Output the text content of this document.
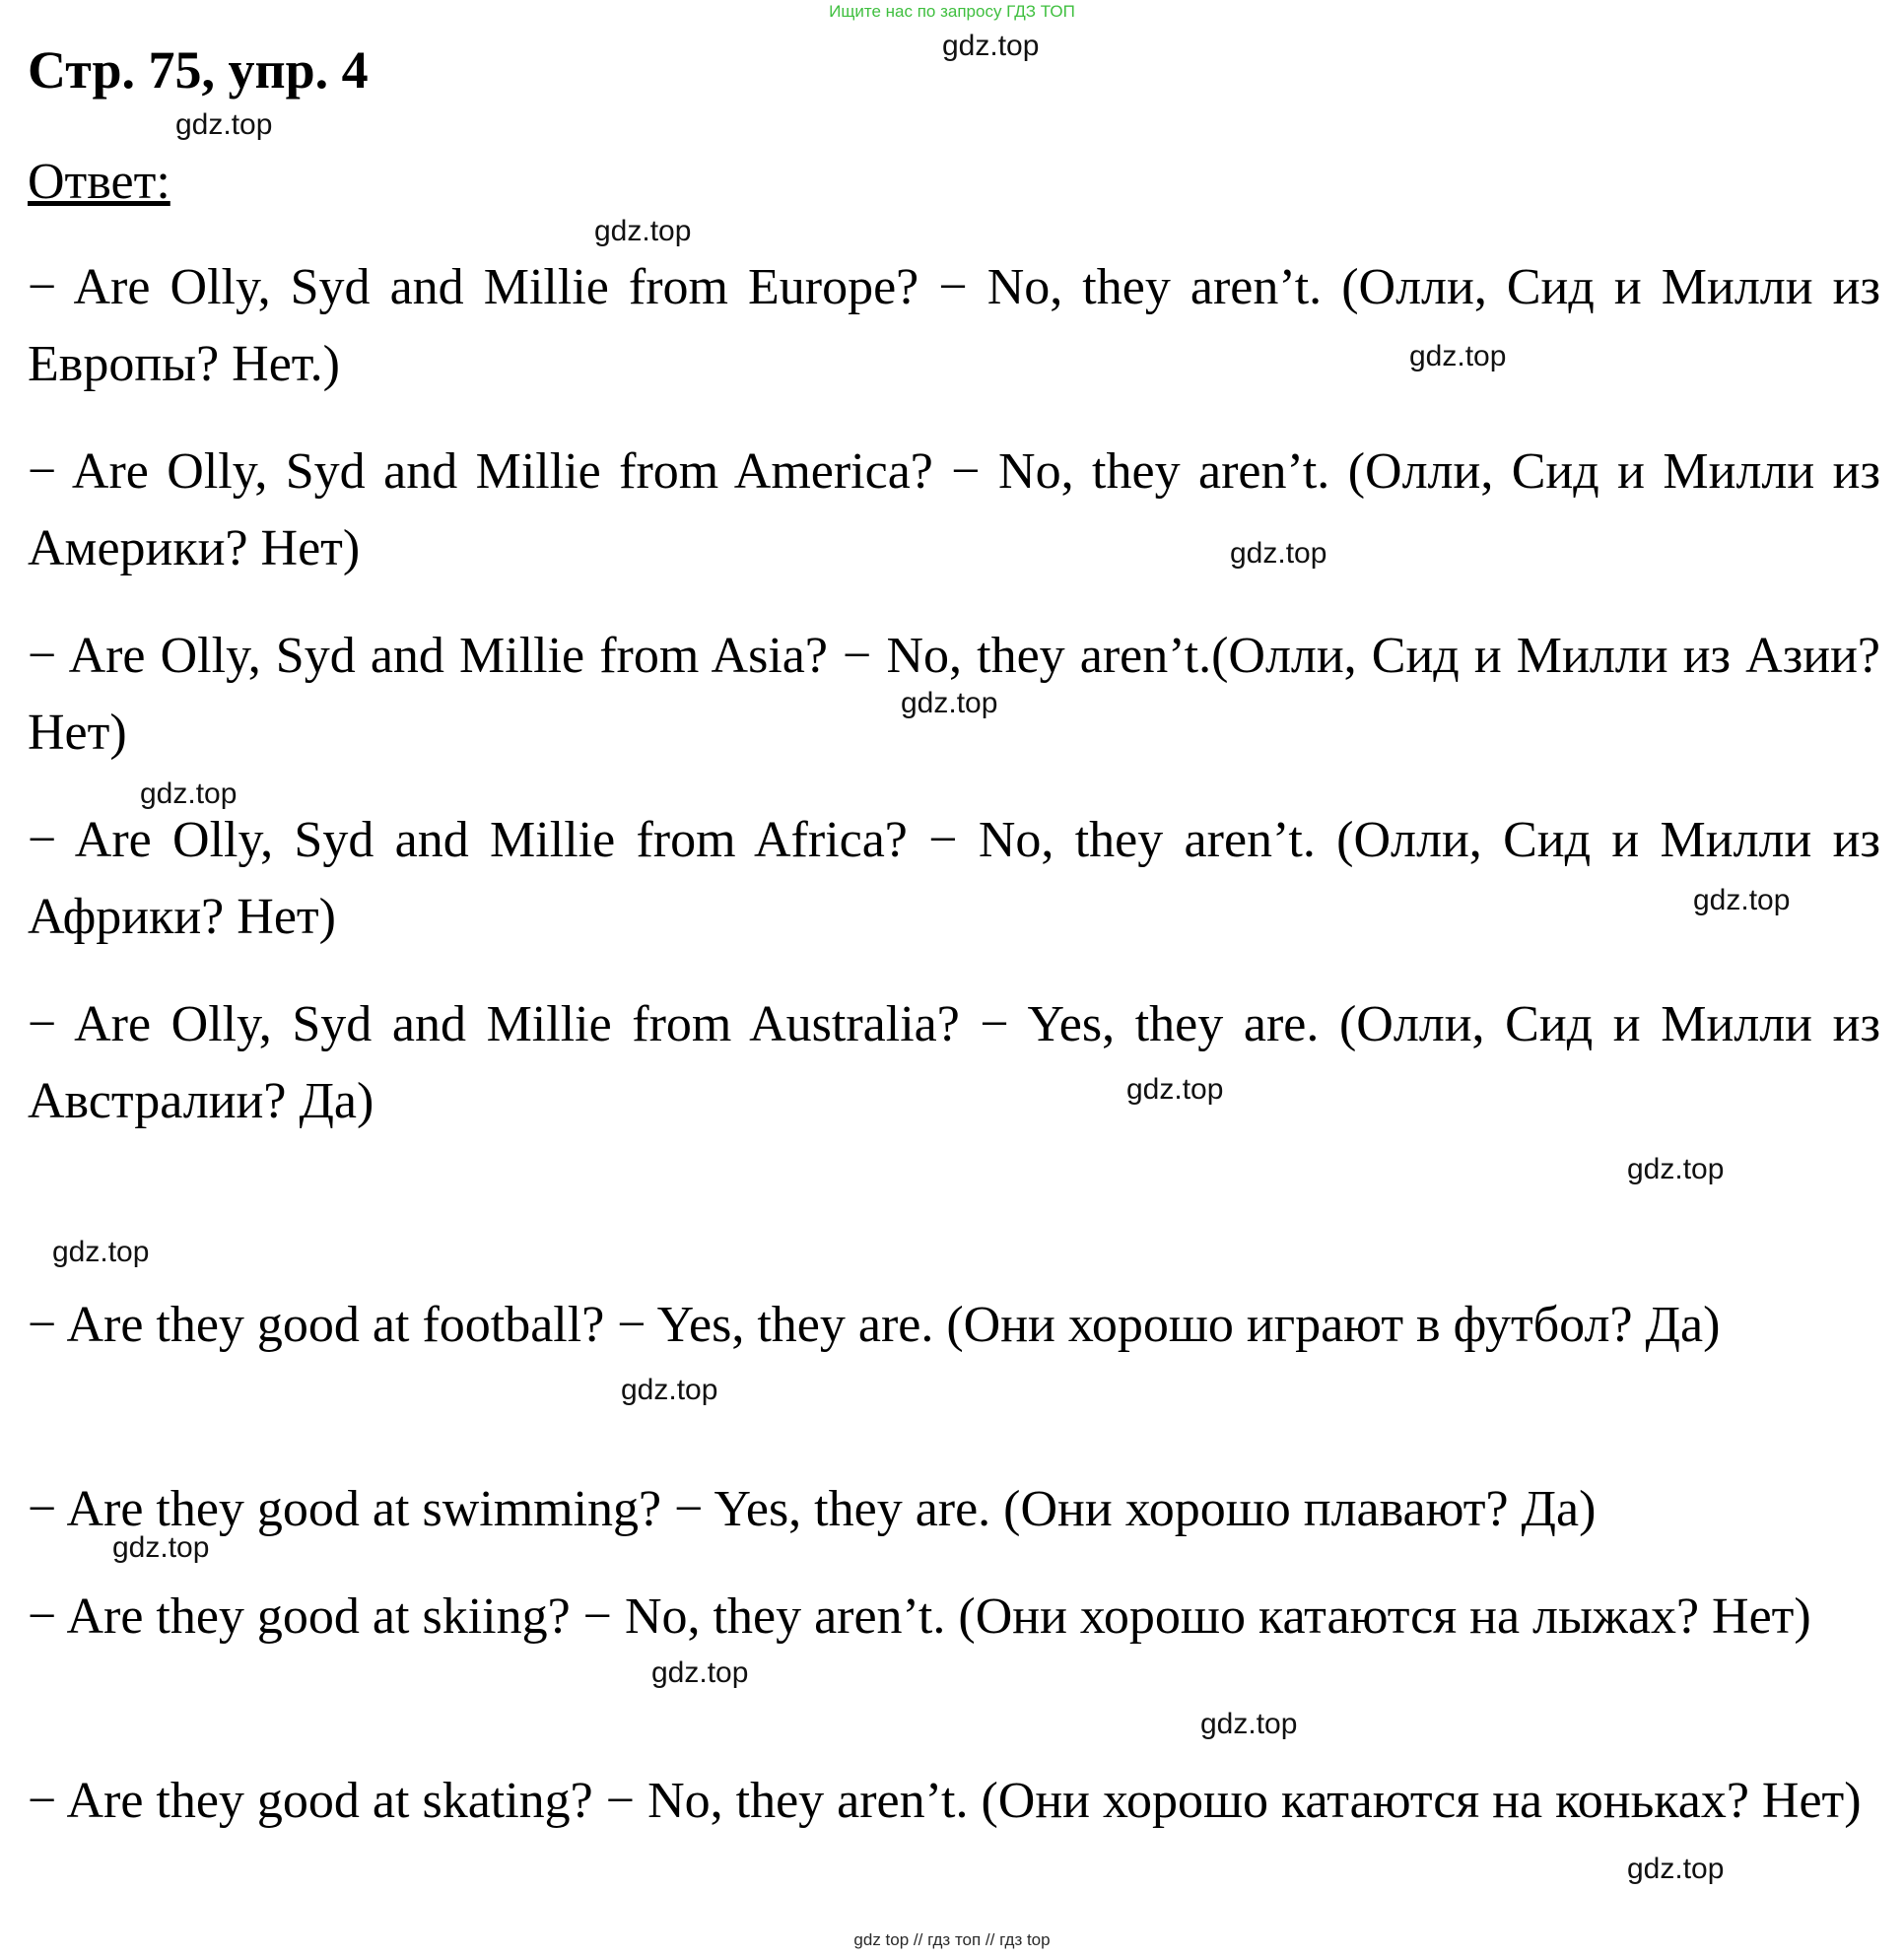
Ищите нас по запросу ГДЗ ТОП
Стр. 75, упр. 4
Ответ:

− Are Olly, Syd and Millie from Europe? − No, they aren’t. (Олли, Сид и Милли из Европы? Нет.)

− Are Olly, Syd and Millie from America? − No, they aren’t. (Олли, Сид и Милли из Америки? Нет)

− Are Olly, Syd and Millie from Asia? − No, they aren’t.(Олли, Сид и Милли из Азии? Нет)

− Are Olly, Syd and Millie from Africa? − No, they aren’t. (Олли, Сид и Милли из Африки? Нет)

− Are Olly, Syd and Millie from Australia? − Yes, they are. (Олли, Сид и Милли из Австралии? Да)

− Are they good at football? − Yes, they are. (Они хорошо играют в футбол? Да)

− Are they good at swimming? − Yes, they are. (Они хорошо плавают? Да)

− Are they good at skiing? − No, they aren’t. (Они хорошо катаются на лыжах? Нет)

− Are they good at skating? − No, they aren’t. (Они хорошо катаются на коньках? Нет)

gdz.top
gdz.top
gdz.top
gdz.top
gdz.top
gdz.top
gdz.top
gdz.top
gdz.top
gdz.top
gdz.top
gdz.top
gdz.top
gdz.top
gdz.top
gdz.top
gdz top // гдз топ // гдз top
